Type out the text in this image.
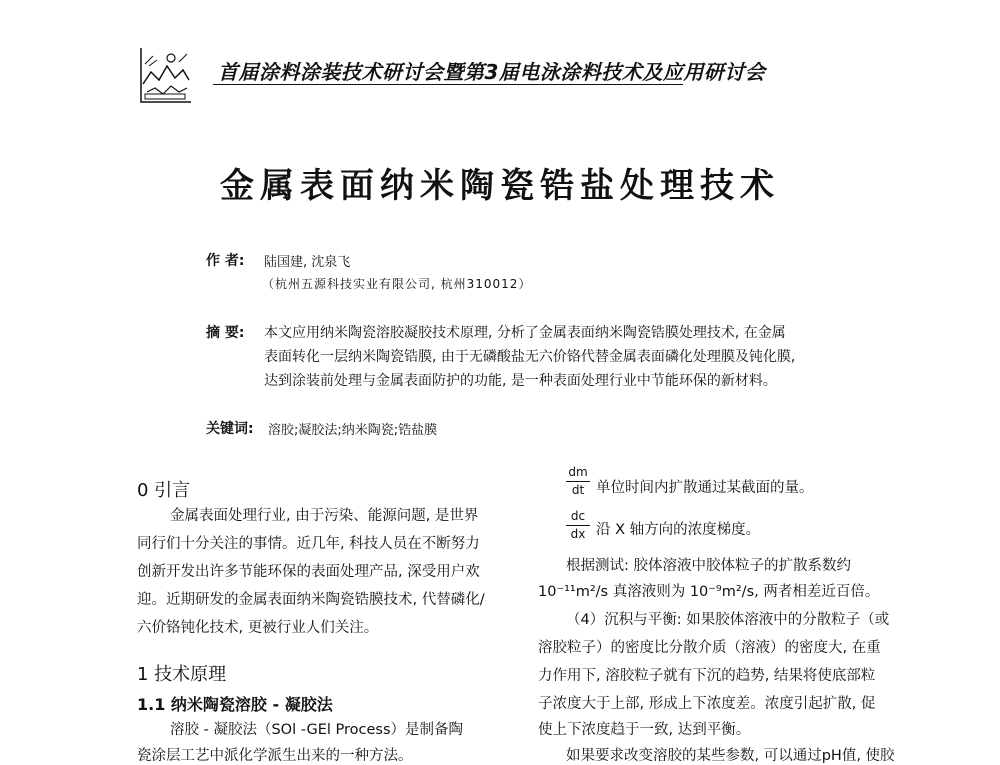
首届涂料涂装技术研讨会暨第3届电泳涂料技术及应用研讨会
金属表面纳米陶瓷锆盐处理技术
作 者: 陆国建, 沈泉飞
（杭州五源科技实业有限公司, 杭州310012）
摘 要: 本文应用纳米陶瓷溶胶凝胶技术原理, 分析了金属表面纳米陶瓷锆膜处理技术, 在金属
表面转化一层纳米陶瓷锆膜, 由于无磷酸盐无六价铬代替金属表面磷化处理膜及钝化膜,
达到涂装前处理与金属表面防护的功能, 是一种表面处理行业中节能环保的新材料。
关键词: 溶胶;凝胶法;纳米陶瓷;锆盐膜
0 引言
金属表面处理行业, 由于污染、能源问题, 是世界
同行们十分关注的事情。近几年, 科技人员在不断努力
创新开发出许多节能环保的表面处理产品, 深受用户欢
迎。近期研发的金属表面纳米陶瓷锆膜技术, 代替磷化/
六价铬钝化技术, 更被行业人们关注。
1 技术原理
1.1 纳米陶瓷溶胶 - 凝胶法
溶胶 - 凝胶法（SOl -GEl Process）是制备陶
瓷涂层工艺中派化学派生出来的一种方法。
dm
dt 单位时间内扩散通过某截面的量。
dc
dx 沿 X 轴方向的浓度梯度。
根据测试: 胶体溶液中胶体粒子的扩散系数约
10⁻¹¹m²/s 真溶液则为 10⁻⁹m²/s, 两者相差近百倍。
（4）沉积与平衡: 如果胶体溶液中的分散粒子（或
溶胶粒子）的密度比分散介质（溶液）的密度大, 在重
力作用下, 溶胶粒子就有下沉的趋势, 结果将使底部粒
子浓度大于上部, 形成上下浓度差。浓度引起扩散, 促
使上下浓度趋于一致, 达到平衡。
如果要求改变溶胶的某些参数, 可以通过pH值, 使胶
